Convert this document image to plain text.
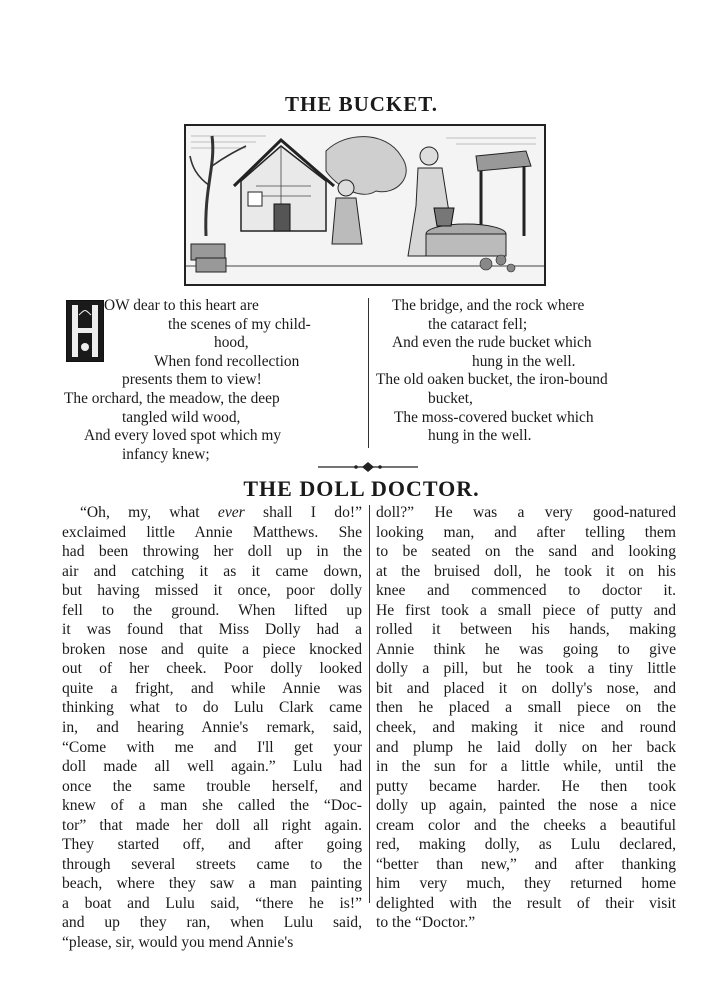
THE BUCKET.
OW dear to this heart are
the scenes of my child-
hood,
When fond recollection
presents them to view!
The orchard, the meadow, the deep
tangled wild wood,
And every loved spot which my
infancy knew;
The bridge, and the rock where
the cataract fell;
And even the rude bucket which
hung in the well.
The old oaken bucket, the iron-bound
bucket,
The moss-covered bucket which
hung in the well.
THE DOLL DOCTOR.
“Oh, my, what ever shall I do!”
exclaimed little Annie Matthews. She
had been throwing her doll up in the
air and catching it as it came down,
but having missed it once, poor dolly
fell to the ground. When lifted up
it was found that Miss Dolly had a
broken nose and quite a piece knocked
out of her cheek. Poor dolly looked
quite a fright, and while Annie was
thinking what to do Lulu Clark came
in, and hearing Annie's remark, said,
“Come with me and I'll get your
doll made all well again.” Lulu had
once the same trouble herself, and
knew of a man she called the “Doc-
tor” that made her doll all right again.
They started off, and after going
through several streets came to the
beach, where they saw a man painting
a boat and Lulu said, “there he is!”
and up they ran, when Lulu said,
“please, sir, would you mend Annie's
doll?” He was a very good-natured
looking man, and after telling them
to be seated on the sand and looking
at the bruised doll, he took it on his
knee and commenced to doctor it.
He first took a small piece of putty and
rolled it between his hands, making
Annie think he was going to give
dolly a pill, but he took a tiny little
bit and placed it on dolly's nose, and
then he placed a small piece on the
cheek, and making it nice and round
and plump he laid dolly on her back
in the sun for a little while, until the
putty became harder. He then took
dolly up again, painted the nose a nice
cream color and the cheeks a beautiful
red, making dolly, as Lulu declared,
“better than new,” and after thanking
him very much, they returned home
delighted with the result of their visit
to the “Doctor.”
